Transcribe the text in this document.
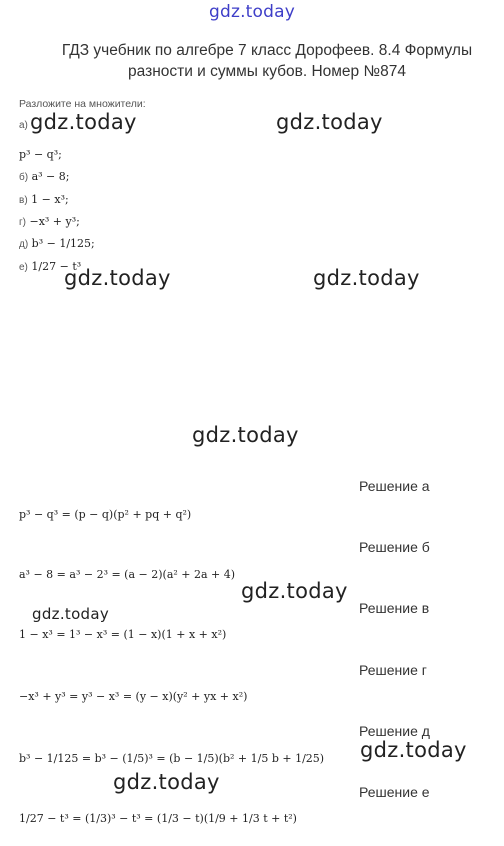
gdz.today
ГДЗ учебник по алгебре 7 класс Дорофеев. 8.4 Формулы разности и суммы кубов. Номер №874
Разложите на множители:
а)
p³ − q³;
б) a³ − 8;
в) 1 − x³;
г) −x³ + y³;
д) b³ − 1/125;
е) 1/27 − t³
gdz.today	gdz.today
gdz.today	gdz.today
gdz.today
gdz.today
gdz.today
gdz.today
gdz.today
Решение а
p³ − q³ = (p − q)(p² + pq + q²)
Решение б
a³ − 8 = a³ − 2³ = (a − 2)(a² + 2a + 4)
Решение в
1 − x³ = 1³ − x³ = (1 − x)(1 + x + x²)
Решение г
−x³ + y³ = y³ − x³ = (y − x)(y² + yx + x²)
Решение д
b³ − 1/125 = b³ − (1/5)³ = (b − 1/5)(b² + 1/5 b + 1/25)
Решение е
1/27 − t³ = (1/3)³ − t³ = (1/3 − t)(1/9 + 1/3 t + t²)
